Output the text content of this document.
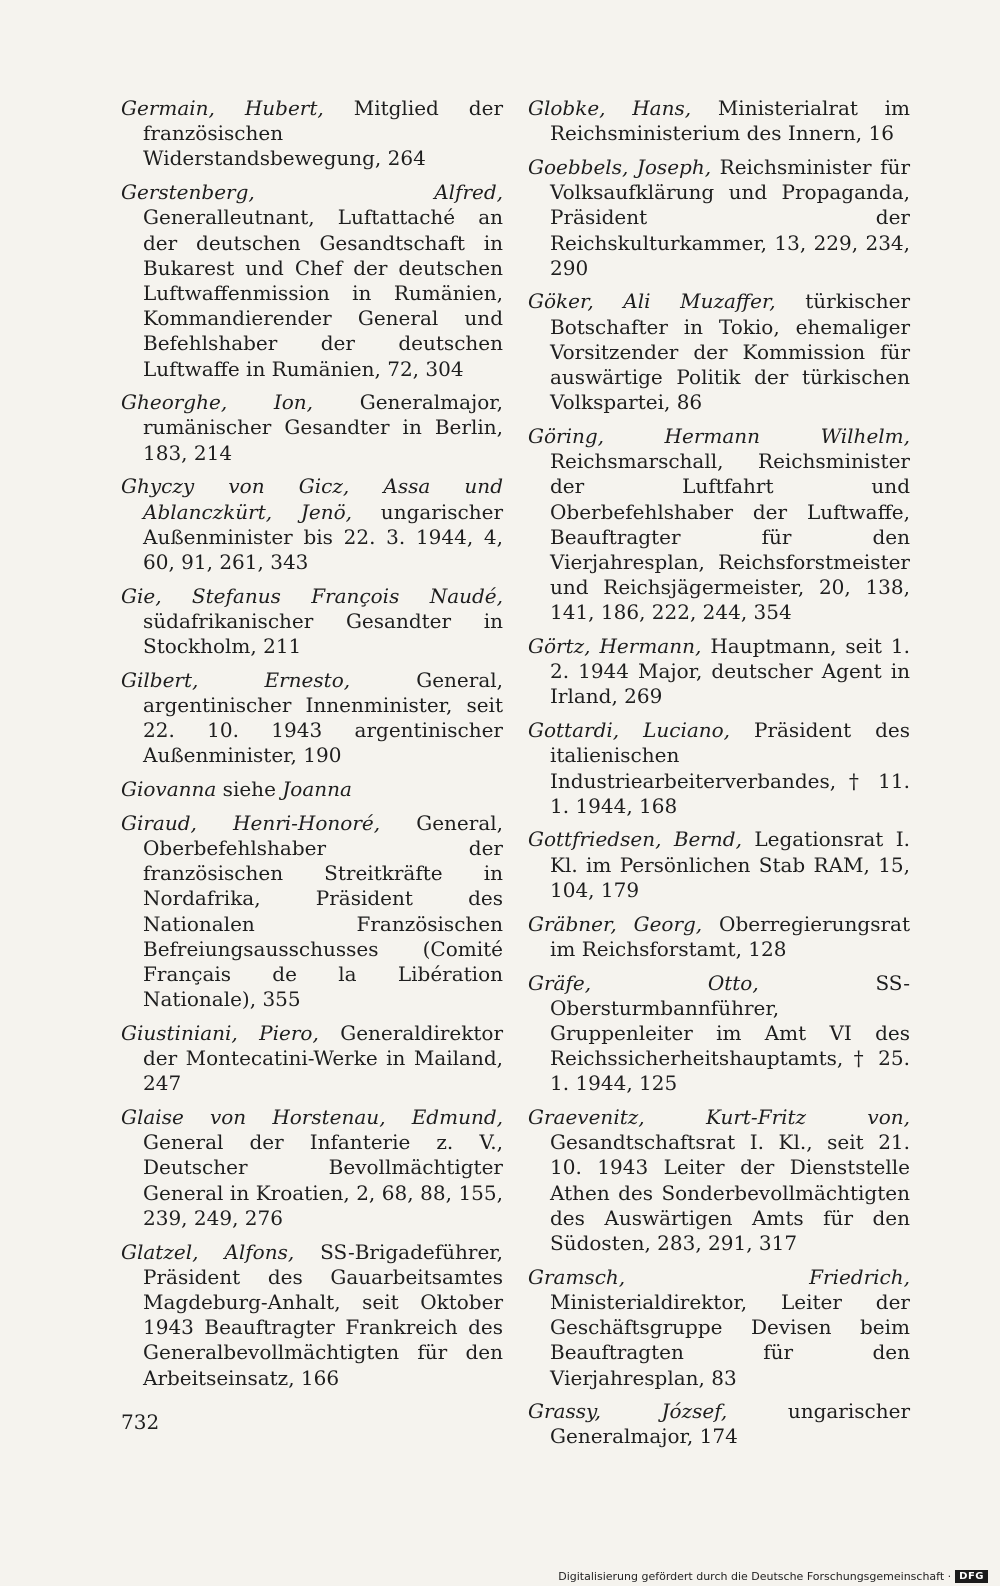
Germain, Hubert, Mitglied der französischen Widerstandsbewegung, 264

Gerstenberg, Alfred, Generalleutnant, Luftattaché an der deutschen Gesandtschaft in Bukarest und Chef der deutschen Luftwaffenmission in Rumänien, Kommandierender General und Befehlshaber der deutschen Luftwaffe in Rumänien, 72, 304

Gheorghe, Ion, Generalmajor, rumänischer Gesandter in Berlin, 183, 214

Ghyczy von Gicz, Assa und Ablanczkürt, Jenö, ungarischer Außenminister bis 22. 3. 1944, 4, 60, 91, 261, 343

Gie, Stefanus François Naudé, südafrikanischer Gesandter in Stockholm, 211

Gilbert, Ernesto, General, argentinischer Innenminister, seit 22. 10. 1943 argentinischer Außenminister, 190

Giovanna siehe Joanna

Giraud, Henri-Honoré, General, Oberbefehlshaber der französischen Streitkräfte in Nordafrika, Präsident des Nationalen Französischen Befreiungsausschusses (Comité Français de la Libération Nationale), 355

Giustiniani, Piero, Generaldirektor der Montecatini-Werke in Mailand, 247

Glaise von Horstenau, Edmund, General der Infanterie z. V., Deutscher Bevollmächtigter General in Kroatien, 2, 68, 88, 155, 239, 249, 276

Glatzel, Alfons, SS-Brigadeführer, Präsident des Gauarbeitsamtes Magdeburg-Anhalt, seit Oktober 1943 Beauftragter Frankreich des Generalbevollmächtigten für den Arbeitseinsatz, 166

Globke, Hans, Ministerialrat im Reichsministerium des Innern, 16

Goebbels, Joseph, Reichsminister für Volksaufklärung und Propaganda, Präsident der Reichskulturkammer, 13, 229, 234, 290

Göker, Ali Muzaffer, türkischer Botschafter in Tokio, ehemaliger Vorsitzender der Kommission für auswärtige Politik der türkischen Volkspartei, 86

Göring, Hermann Wilhelm, Reichsmarschall, Reichsminister der Luftfahrt und Oberbefehlshaber der Luftwaffe, Beauftragter für den Vierjahresplan, Reichsforstmeister und Reichsjägermeister, 20, 138, 141, 186, 222, 244, 354

Görtz, Hermann, Hauptmann, seit 1. 2. 1944 Major, deutscher Agent in Irland, 269

Gottardi, Luciano, Präsident des italienischen Industriearbeiterverbandes, † 11. 1. 1944, 168

Gottfriedsen, Bernd, Legationsrat I. Kl. im Persönlichen Stab RAM, 15, 104, 179

Gräbner, Georg, Oberregierungsrat im Reichsforstamt, 128

Gräfe, Otto, SS-Obersturmbannführer, Gruppenleiter im Amt VI des Reichssicherheitshauptamts, † 25. 1. 1944, 125

Graevenitz, Kurt-Fritz von, Gesandtschaftsrat I. Kl., seit 21. 10. 1943 Leiter der Dienststelle Athen des Sonderbevollmächtigten des Auswärtigen Amts für den Südosten, 283, 291, 317

Gramsch, Friedrich, Ministerialdirektor, Leiter der Geschäftsgruppe Devisen beim Beauftragten für den Vierjahresplan, 83

Grassy, József, ungarischer Generalmajor, 174

732
Digitalisierung gefördert durch die Deutsche Forschungsgemeinschaft · DFG
